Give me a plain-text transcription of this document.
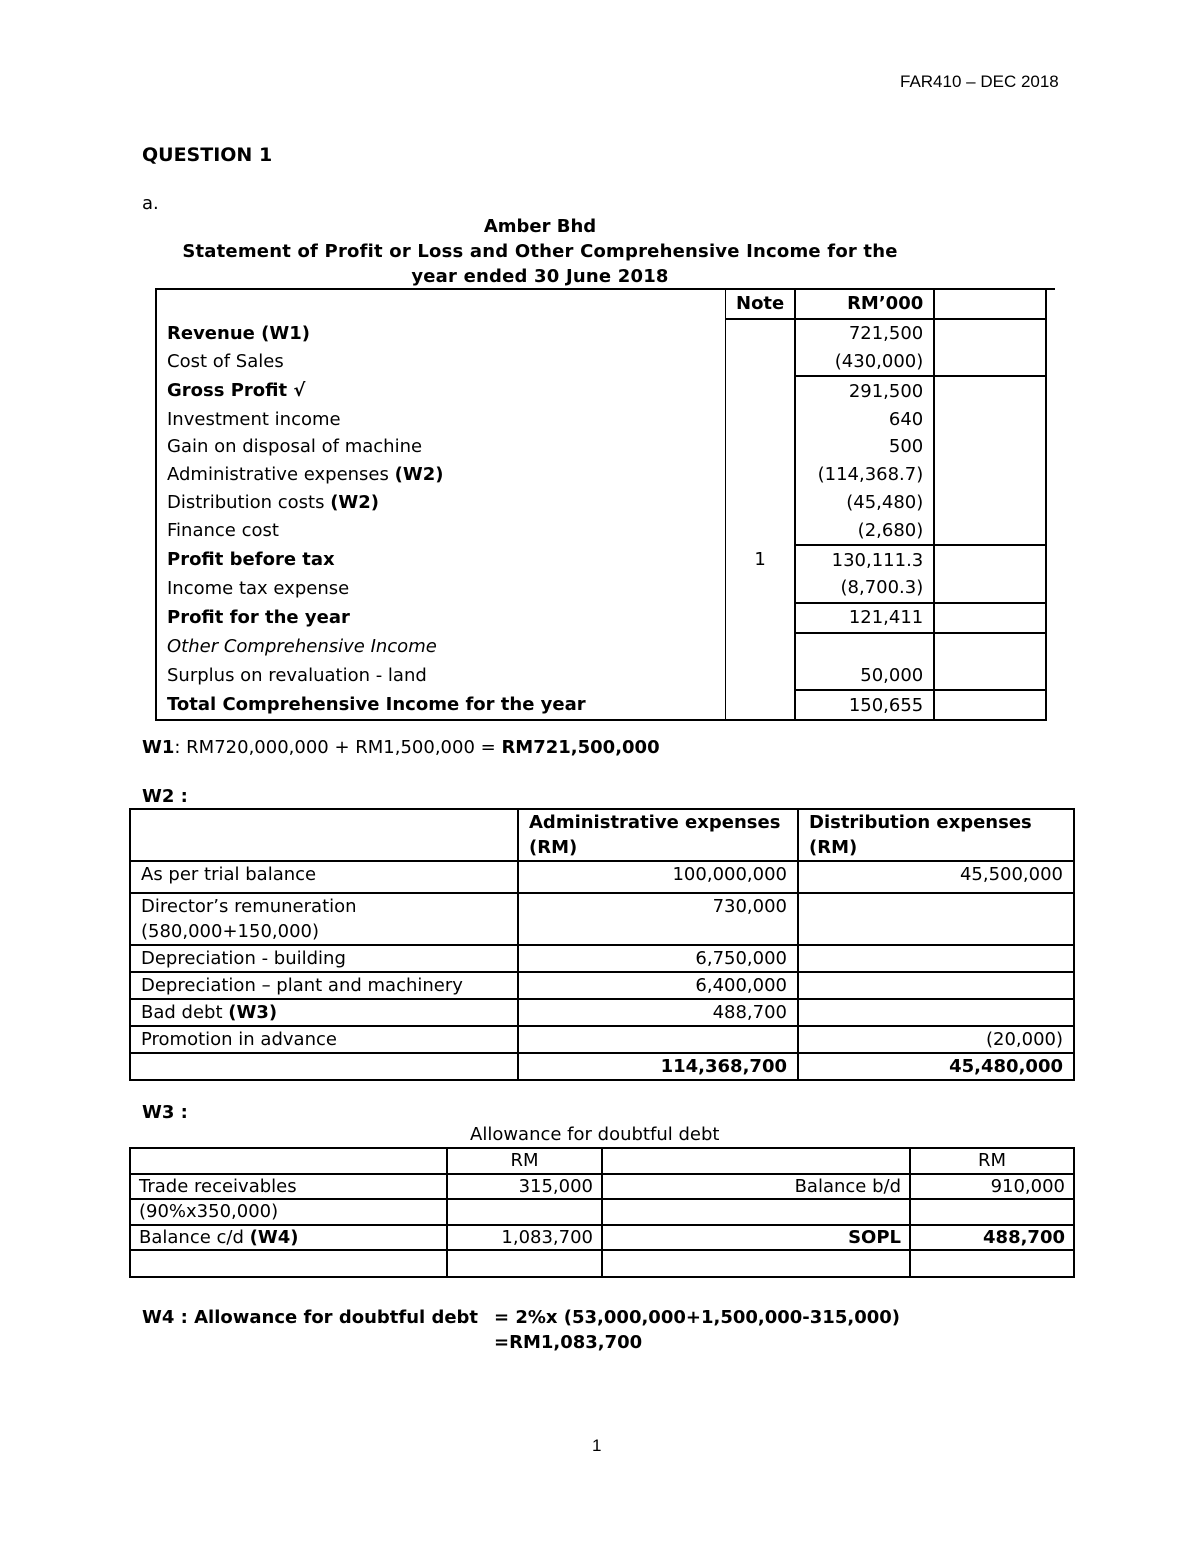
FAR410 – DEC 2018
QUESTION 1
a.
Amber Bhd
Statement of Profit or Loss and Other Comprehensive Income for the
year ended 30 June 2018
	Note	RM’000		
Revenue (W1)		721,500		
Cost of Sales		(430,000)		
Gross Profit √		291,500		
Investment income		640		
Gain on disposal of machine		500		
Administrative expenses (W2)		(114,368.7)		
Distribution costs (W2)		(45,480)		
Finance cost		(2,680)		
Profit before tax	1	130,111.3		
Income tax expense		(8,700.3)		
Profit for the year		121,411		
Other Comprehensive Income				
Surplus on revaluation - land		50,000		
Total Comprehensive Income for the year		150,655		
W1: RM720,000,000 + RM1,500,000 = RM721,500,000
W2 :
	Administrative expenses (RM)	Distribution expenses (RM)
As per trial balance	100,000,000	45,500,000

Director’s remuneration
(580,000+150,000)	730,000	
Depreciation - building	6,750,000	
Depreciation – plant and machinery	6,400,000	
Bad debt (W3)	488,700	
Promotion in advance		(20,000)
	114,368,700	45,480,000
W3 :
Allowance for doubtful debt
	RM		RM
Trade receivables	315,000	Balance b/d	910,000
(90%x350,000)			
Balance c/d (W4)	1,083,700	SOPL	488,700

W4 : Allowance for doubtful debt = 2%x (53,000,000+1,500,000-315,000)
=RM1,083,700
1
